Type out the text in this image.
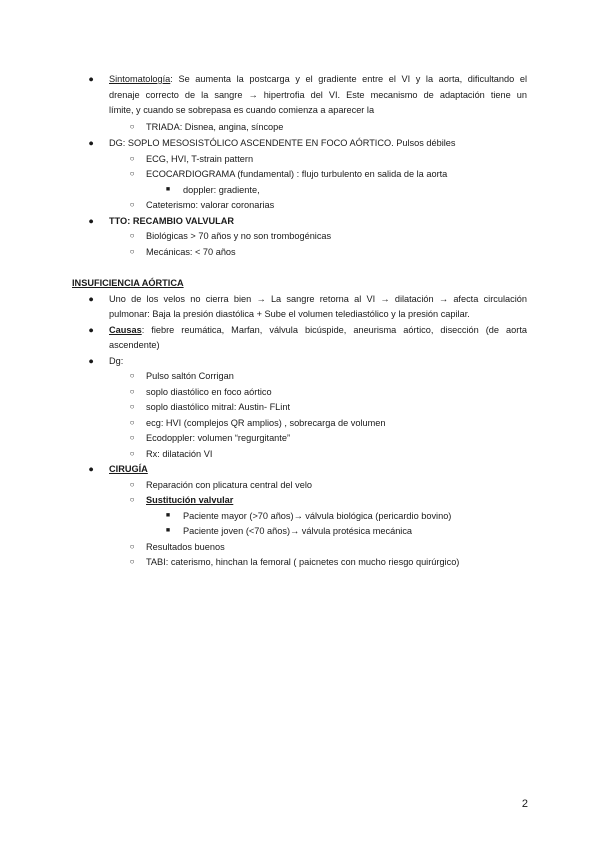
● Sintomatología: Se aumenta la postcarga y el gradiente entre el VI y la aorta, dificultando el
drenaje correcto de la sangre → hipertrofia del VI. Este mecanismo de adaptación tiene un
límite, y cuando se sobrepasa es cuando comienza a aparecer la
○ TRIADA: Disnea, angina, síncope
● DG: SOPLO MESOSISTÓLICO ASCENDENTE EN FOCO AÓRTICO. Pulsos débiles
○ ECG, HVI, T-strain pattern
○ ECOCARDIOGRAMA (fundamental) : flujo turbulento en salida de la aorta
■	doppler: gradiente,
○ Cateterismo: valorar coronarias
● TTO: RECAMBIO VALVULAR
○ Biológicas > 70 años y no son trombogénicas
○ Mecánicas: < 70 años
INSUFICIENCIA AÓRTICA
● Uno de los velos no cierra bien → La sangre retorna al VI → dilatación → afecta circulación
pulmonar: Baja la presión diastólica + Sube el volumen telediastólico y la presión capilar.
● Causas: fiebre reumática, Marfan, válvula bicúspide, aneurisma aórtico, disección (de aorta
ascendente)
● Dg:
○ Pulso saltón Corrigan
○ soplo diastólico en foco aórtico
○ soplo diastólico mitral: Austin- FLint
○ ecg: HVI (complejos QR amplios) , sobrecarga de volumen
○ Ecodoppler: volumen “regurgitante”
○ Rx: dilatación VI
● CIRUGÍA
○ Reparación con plicatura central del velo
○ Sustitución valvular
■	Paciente mayor (>70 años)→ válvula biológica (pericardio bovino)
■	Paciente joven (<70 años)→ válvula protésica mecánica
○ Resultados buenos
○ TABI: caterismo, hinchan la femoral ( paicnetes con mucho riesgo quirúrgico)
2
